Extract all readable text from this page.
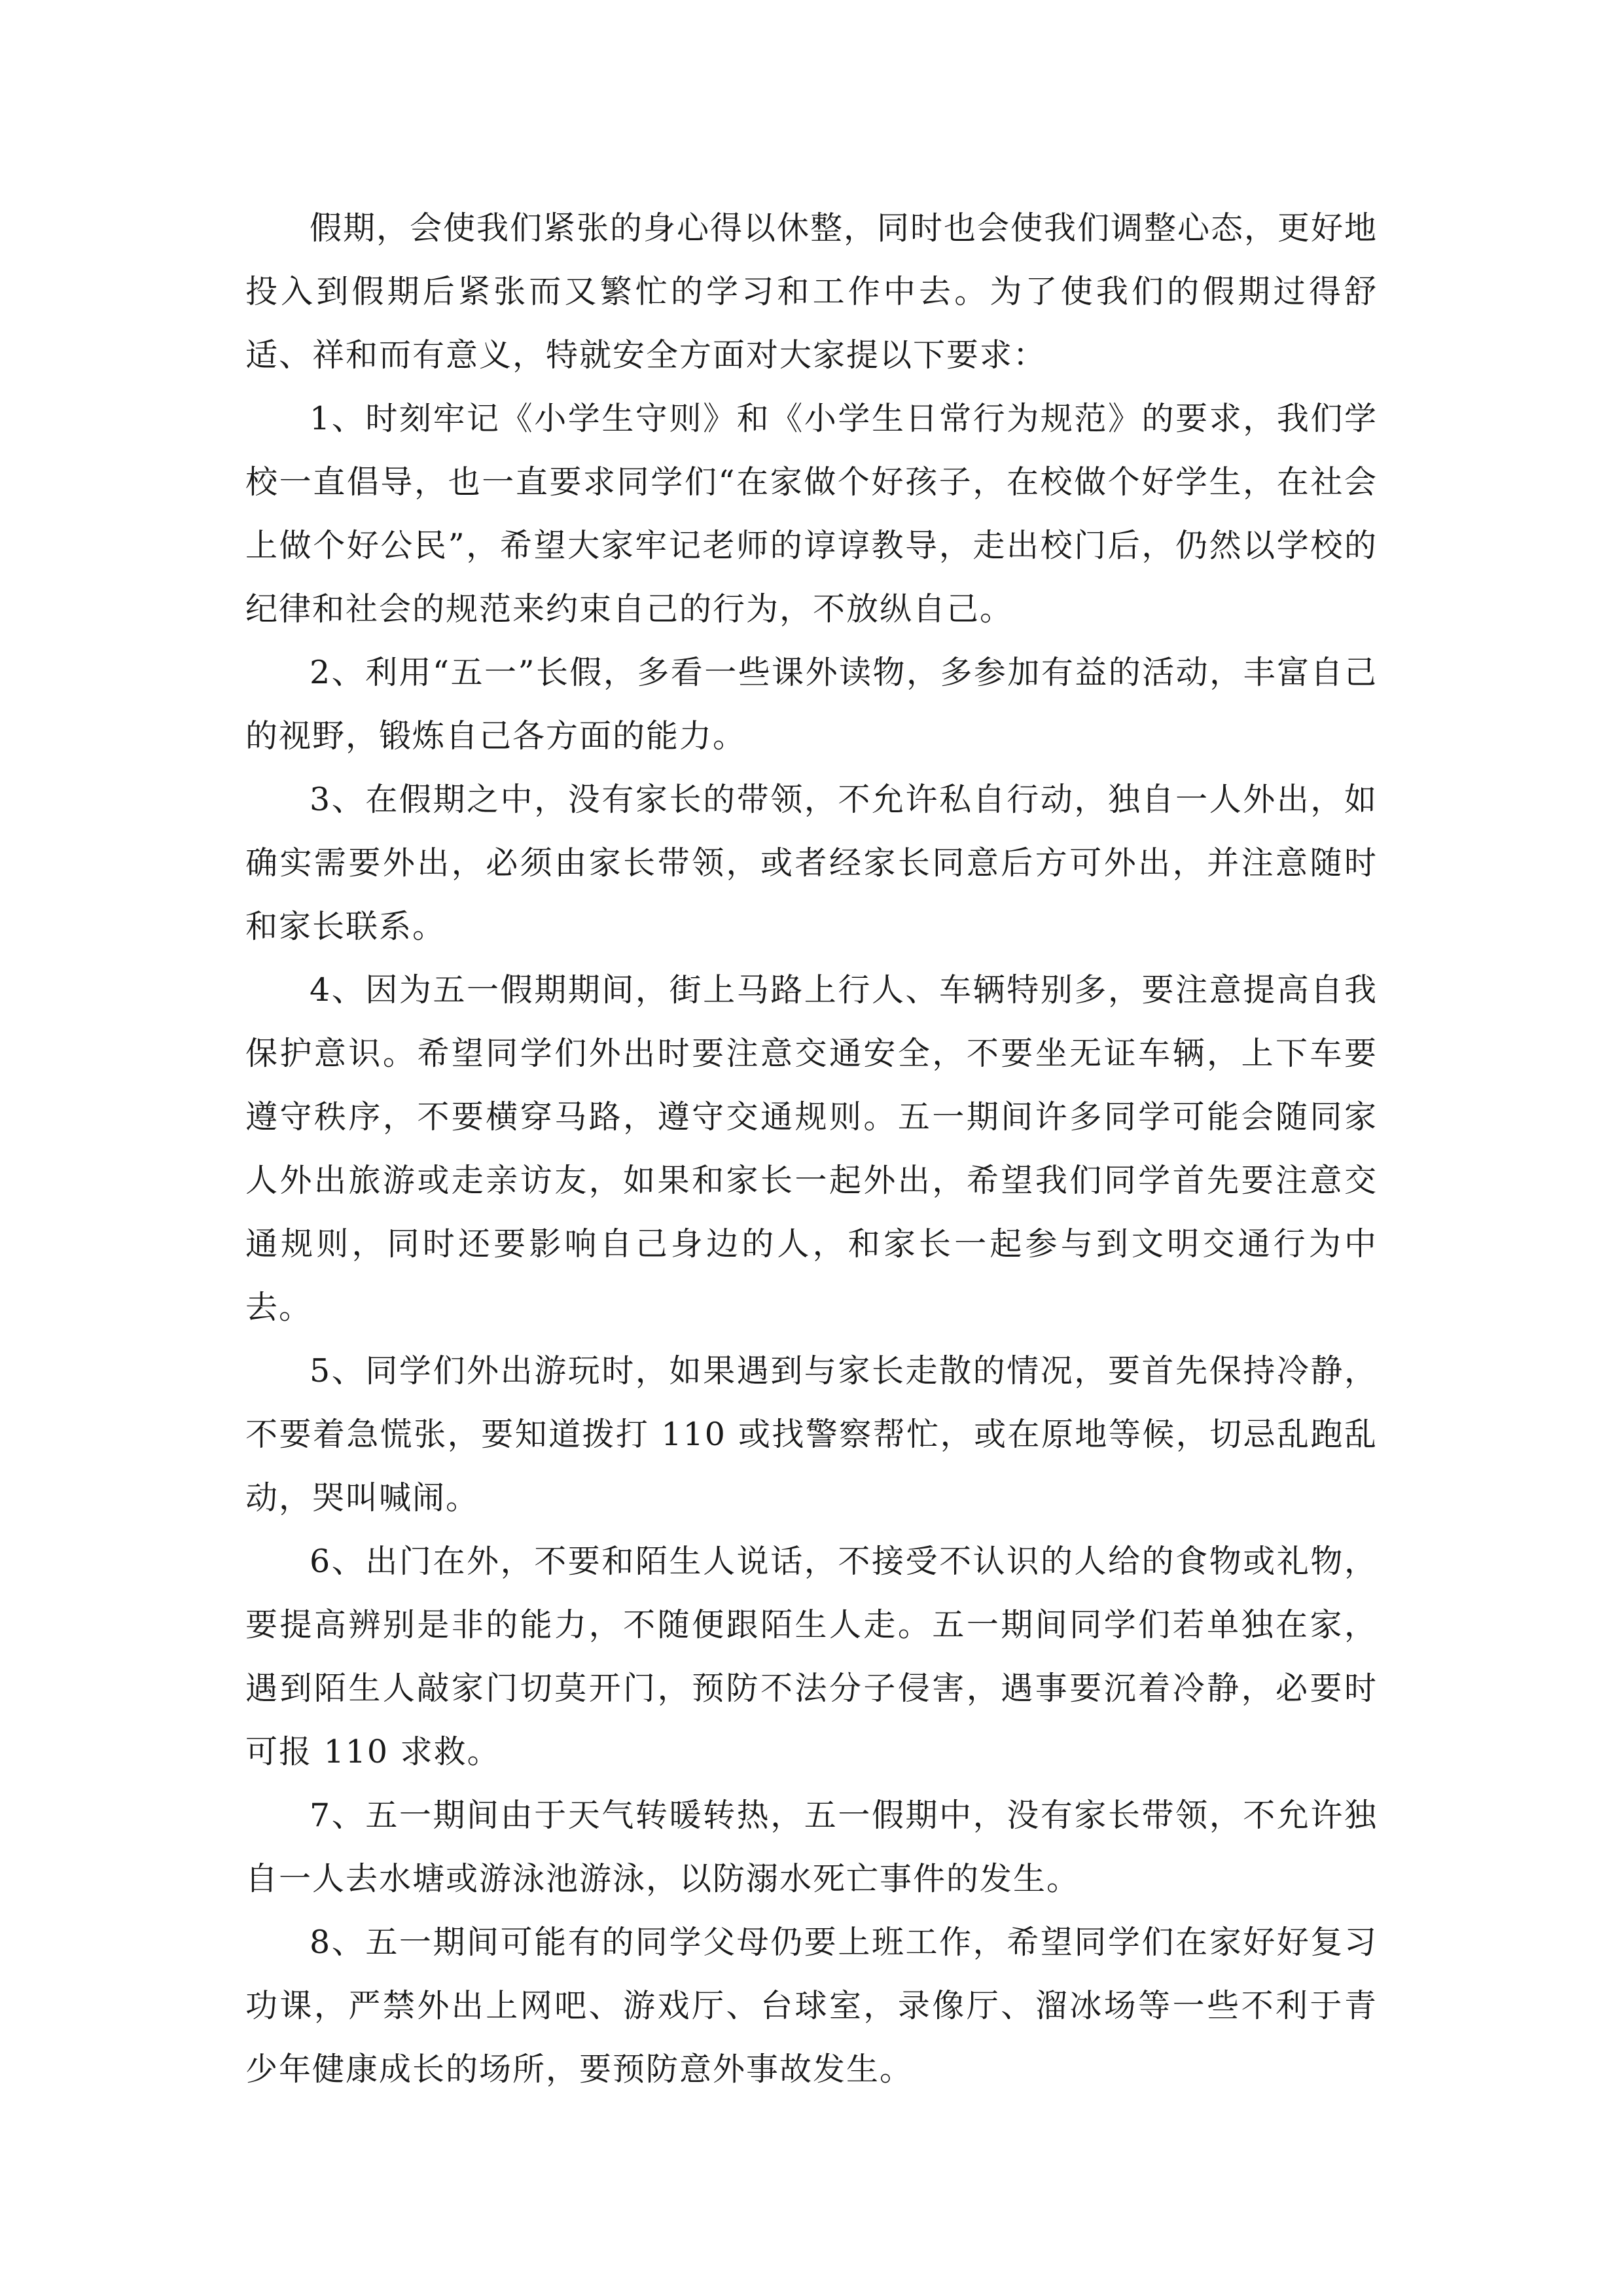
假期，会使我们紧张的身心得以休整，同时也会使我们调整心态，更好地投入到假期后紧张而又繁忙的学习和工作中去。为了使我们的假期过得舒适、祥和而有意义，特就安全方面对大家提以下要求：

1、时刻牢记《小学生守则》和《小学生日常行为规范》的要求，我们学校一直倡导，也一直要求同学们“在家做个好孩子，在校做个好学生，在社会上做个好公民”，希望大家牢记老师的谆谆教导，走出校门后，仍然以学校的纪律和社会的规范来约束自己的行为，不放纵自己。

2、利用“五一”长假，多看一些课外读物，多参加有益的活动，丰富自己的视野，锻炼自己各方面的能力。

3、在假期之中，没有家长的带领，不允许私自行动，独自一人外出，如确实需要外出，必须由家长带领，或者经家长同意后方可外出，并注意随时和家长联系。

4、因为五一假期期间，街上马路上行人、车辆特别多，要注意提高自我保护意识。希望同学们外出时要注意交通安全，不要坐无证车辆，上下车要遵守秩序，不要横穿马路，遵守交通规则。五一期间许多同学可能会随同家人外出旅游或走亲访友，如果和家长一起外出，希望我们同学首先要注意交通规则，同时还要影响自己身边的人，和家长一起参与到文明交通行为中去。

5、同学们外出游玩时，如果遇到与家长走散的情况，要首先保持冷静，不要着急慌张，要知道拨打 110 或找警察帮忙，或在原地等候，切忌乱跑乱动，哭叫喊闹。

6、出门在外，不要和陌生人说话，不接受不认识的人给的食物或礼物，要提高辨别是非的能力，不随便跟陌生人走。五一期间同学们若单独在家，遇到陌生人敲家门切莫开门，预防不法分子侵害，遇事要沉着冷静，必要时可报 110 求救。

7、五一期间由于天气转暖转热，五一假期中，没有家长带领，不允许独自一人去水塘或游泳池游泳，以防溺水死亡事件的发生。

8、五一期间可能有的同学父母仍要上班工作，希望同学们在家好好复习功课，严禁外出上网吧、游戏厅、台球室，录像厅、溜冰场等一些不利于青少年健康成长的场所，要预防意外事故发生。
